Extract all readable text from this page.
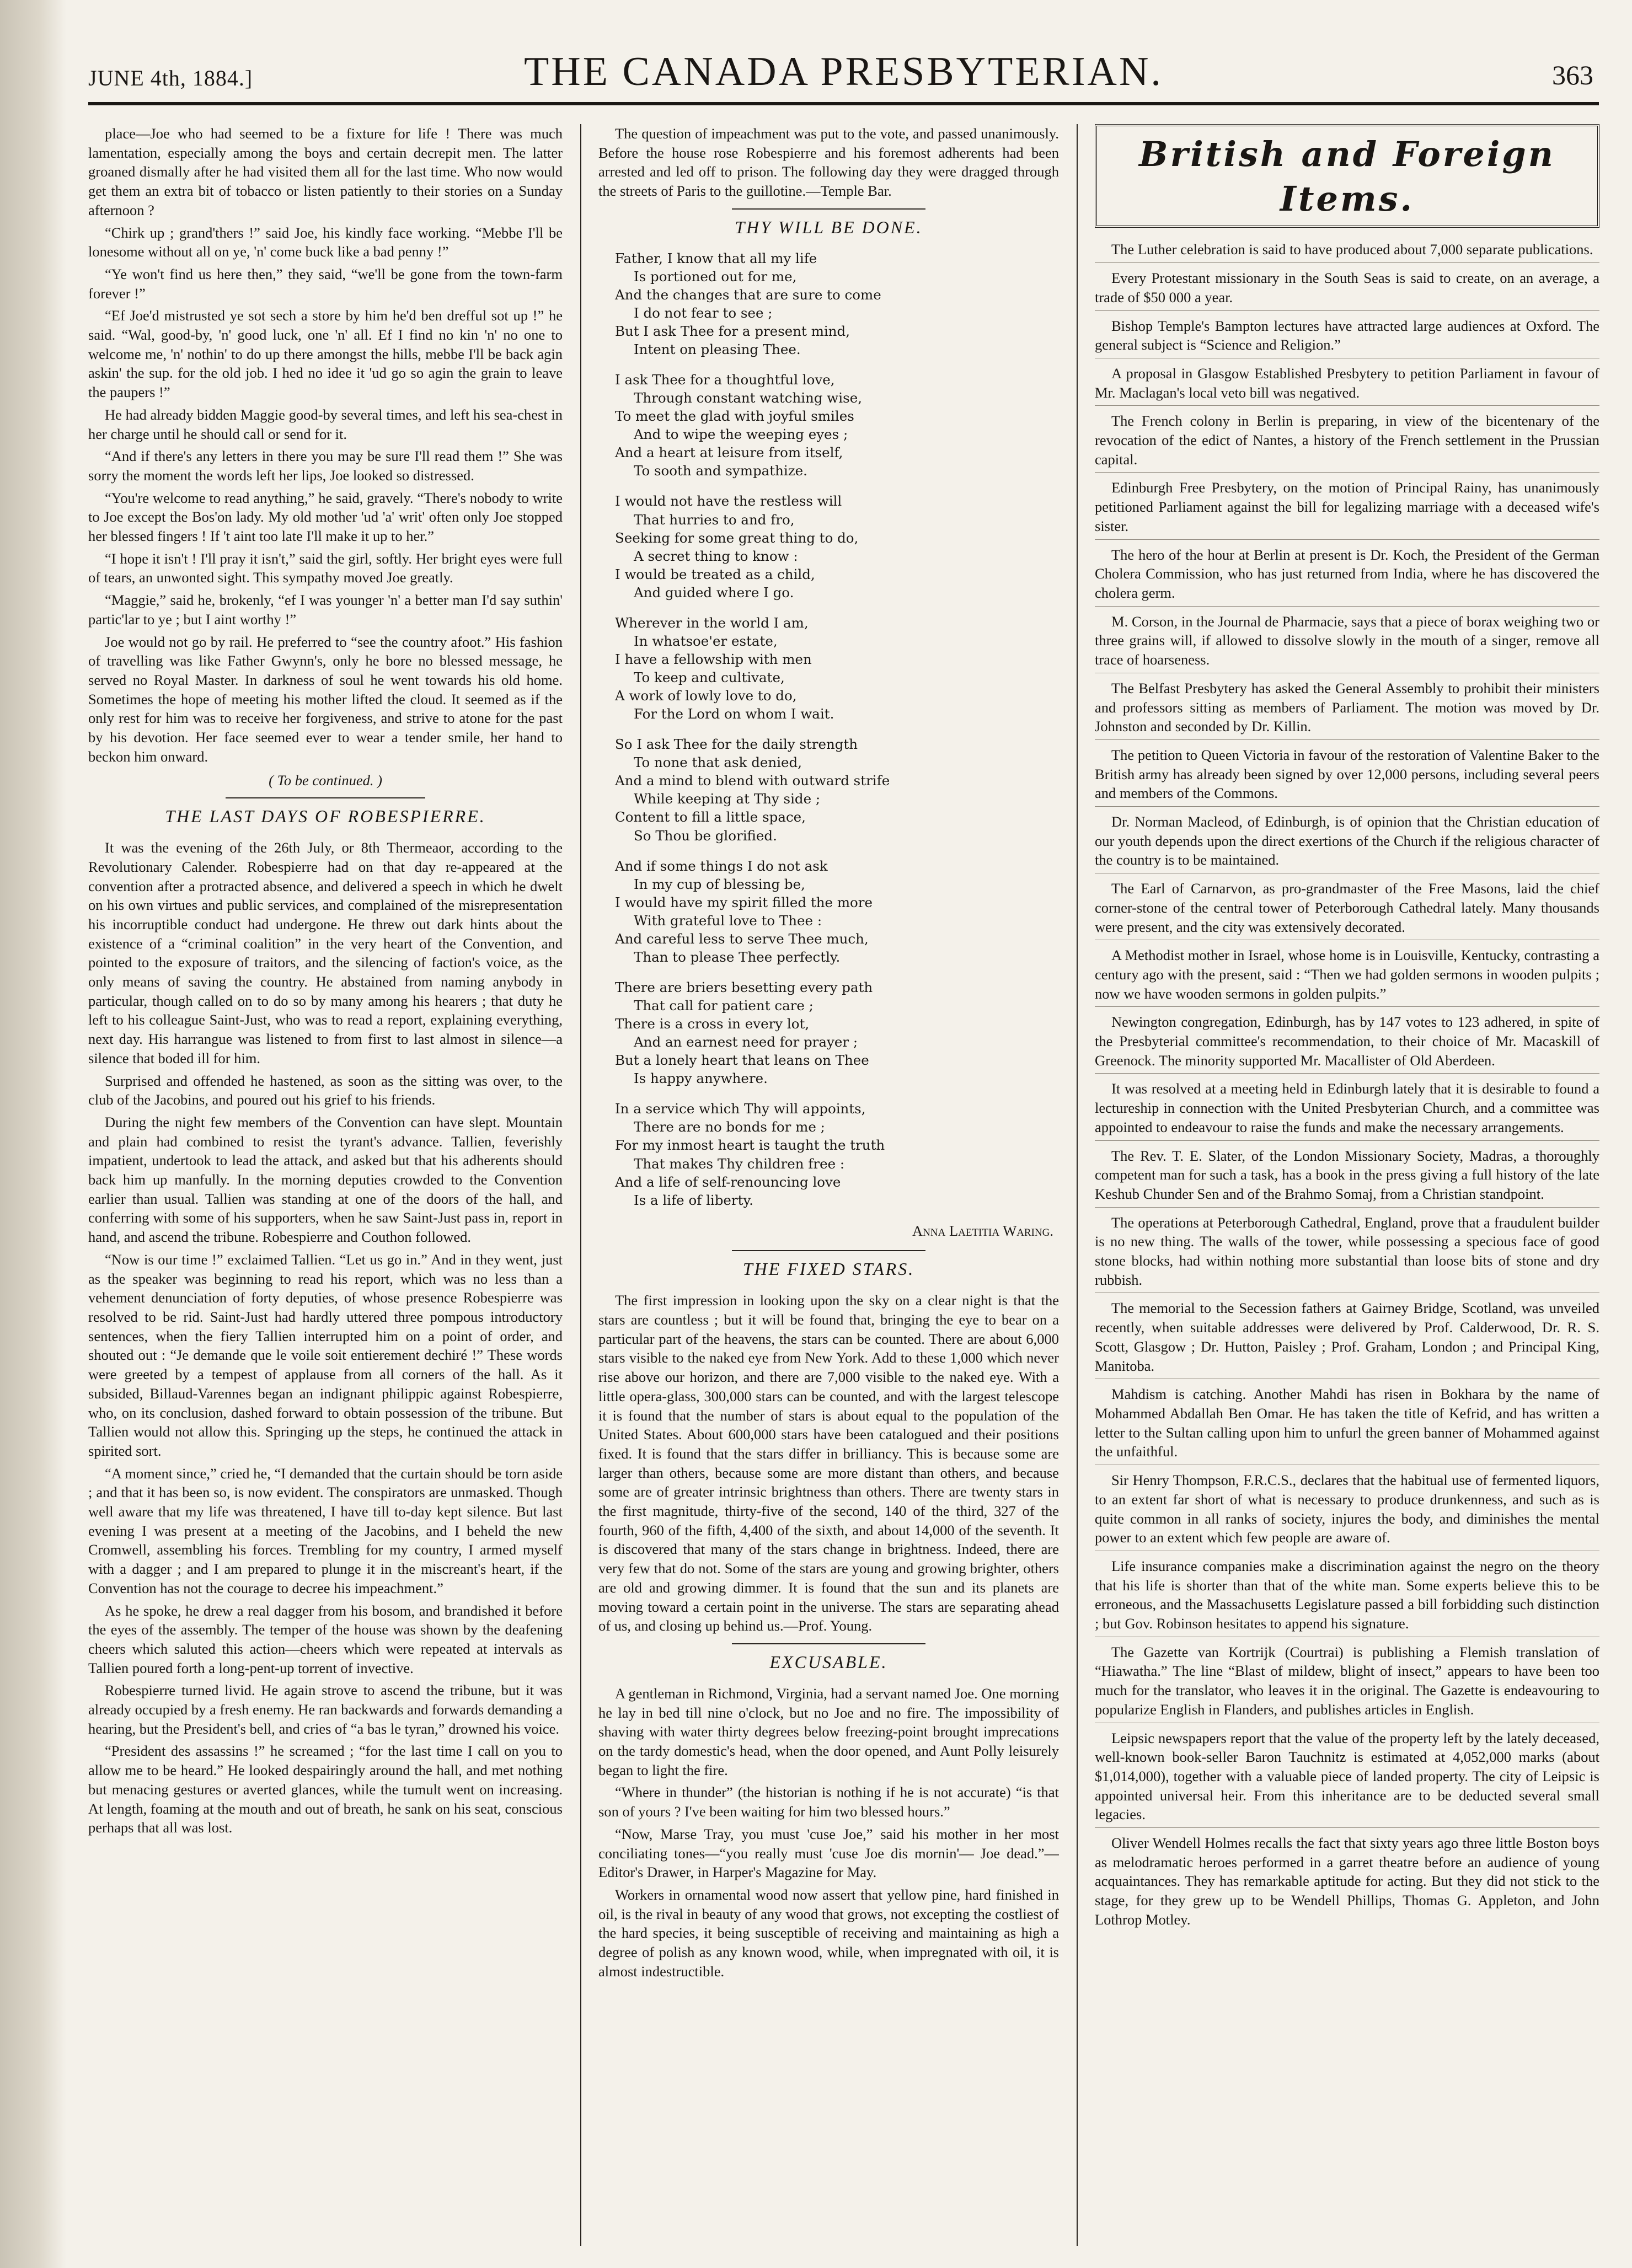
JUNE 4th, 1884.]	THE CANADA PRESBYTERIAN.	363

place—Joe who had seemed to be a fixture for life ! There was much lamentation, especially among the boys and certain decrepit men. The latter groaned dismally after he had visited them all for the last time. Who now would get them an extra bit of tobacco or listen patiently to their stories on a Sunday afternoon ?

“Chirk up ; grand'thers !” said Joe, his kindly face working. “Mebbe I'll be lonesome without all on ye, 'n' come buck like a bad penny !”

“Ye won't find us here then,” they said, “we'll be gone from the town-farm forever !”

“Ef Joe'd mistrusted ye sot sech a store by him he'd ben drefful sot up !” he said. “Wal, good-by, 'n' good luck, one 'n' all. Ef I find no kin 'n' no one to welcome me, 'n' nothin' to do up there amongst the hills, mebbe I'll be back agin askin' the sup. for the old job. I hed no idee it 'ud go so agin the grain to leave the paupers !”

He had already bidden Maggie good-by several times, and left his sea-chest in her charge until he should call or send for it.

“And if there's any letters in there you may be sure I'll read them !” She was sorry the moment the words left her lips, Joe looked so distressed.

“You're welcome to read anything,” he said, gravely. “There's nobody to write to Joe except the Bos'on lady. My old mother 'ud 'a' writ' often only Joe stopped her blessed fingers ! If 't aint too late I'll make it up to her.”

“I hope it isn't ! I'll pray it isn't,” said the girl, softly. Her bright eyes were full of tears, an unwonted sight. This sympathy moved Joe greatly.

“Maggie,” said he, brokenly, “ef I was younger 'n' a better man I'd say suthin' partic'lar to ye ; but I aint worthy !”

Joe would not go by rail. He preferred to “see the country afoot.” His fashion of travelling was like Father Gwynn's, only he bore no blessed message, he served no Royal Master. In darkness of soul he went towards his old home. Sometimes the hope of meeting his mother lifted the cloud. It seemed as if the only rest for him was to receive her forgiveness, and strive to atone for the past by his devotion. Her face seemed ever to wear a tender smile, her hand to beckon him onward.

( To be continued. )

THE LAST DAYS OF ROBESPIERRE.

It was the evening of the 26th July, or 8th Thermeaor, according to the Revolutionary Calender. Robespierre had on that day re-appeared at the convention after a protracted absence, and delivered a speech in which he dwelt on his own virtues and public services, and complained of the misrepresentation his incorruptible conduct had undergone. He threw out dark hints about the existence of a “criminal coalition” in the very heart of the Convention, and pointed to the exposure of traitors, and the silencing of faction's voice, as the only means of saving the country. He abstained from naming anybody in particular, though called on to do so by many among his hearers ; that duty he left to his colleague Saint-Just, who was to read a report, explaining everything, next day. His harrangue was listened to from first to last almost in silence—a silence that boded ill for him.

Surprised and offended he hastened, as soon as the sitting was over, to the club of the Jacobins, and poured out his grief to his friends.

During the night few members of the Convention can have slept. Mountain and plain had combined to resist the tyrant's advance. Tallien, feverishly impatient, undertook to lead the attack, and asked but that his adherents should back him up manfully. In the morning deputies crowded to the Convention earlier than usual. Tallien was standing at one of the doors of the hall, and conferring with some of his supporters, when he saw Saint-Just pass in, report in hand, and ascend the tribune. Robespierre and Couthon followed.

“Now is our time !” exclaimed Tallien. “Let us go in.” And in they went, just as the speaker was beginning to read his report, which was no less than a vehement denunciation of forty deputies, of whose presence Robespierre was resolved to be rid. Saint-Just had hardly uttered three pompous introductory sentences, when the fiery Tallien interrupted him on a point of order, and shouted out : “Je demande que le voile soit entierement dechiré !” These words were greeted by a tempest of applause from all corners of the hall. As it subsided, Billaud-Varennes began an indignant philippic against Robespierre, who, on its conclusion, dashed forward to obtain possession of the tribune. But Tallien would not allow this. Springing up the steps, he continued the attack in spirited sort.

“A moment since,” cried he, “I demanded that the curtain should be torn aside ; and that it has been so, is now evident. The conspirators are unmasked. Though well aware that my life was threatened, I have till to-day kept silence. But last evening I was present at a meeting of the Jacobins, and I beheld the new Cromwell, assembling his forces. Trembling for my country, I armed myself with a dagger ; and I am prepared to plunge it in the miscreant's heart, if the Convention has not the courage to decree his impeachment.”

As he spoke, he drew a real dagger from his bosom, and brandished it before the eyes of the assembly. The temper of the house was shown by the deafening cheers which saluted this action—cheers which were repeated at intervals as Tallien poured forth a long-pent-up torrent of invective.

Robespierre turned livid. He again strove to ascend the tribune, but it was already occupied by a fresh enemy. He ran backwards and forwards demanding a hearing, but the President's bell, and cries of “a bas le tyran,” drowned his voice.

“President des assassins !” he screamed ; “for the last time I call on you to allow me to be heard.” He looked despairingly around the hall, and met nothing but menacing gestures or averted glances, while the tumult went on increasing. At length, foaming at the mouth and out of breath, he sank on his seat, conscious perhaps that all was lost.

The question of impeachment was put to the vote, and passed unanimously. Before the house rose Robespierre and his foremost adherents had been arrested and led off to prison. The following day they were dragged through the streets of Paris to the guillotine.—Temple Bar.

THY WILL BE DONE.
Father, I know that all my life
Is portioned out for me,
And the changes that are sure to come
I do not fear to see ;
But I ask Thee for a present mind,
Intent on pleasing Thee.
I ask Thee for a thoughtful love,
Through constant watching wise,
To meet the glad with joyful smiles
And to wipe the weeping eyes ;
And a heart at leisure from itself,
To sooth and sympathize.
I would not have the restless will
That hurries to and fro,
Seeking for some great thing to do,
A secret thing to know :
I would be treated as a child,
And guided where I go.
Wherever in the world I am,
In whatsoe'er estate,
I have a fellowship with men
To keep and cultivate,
A work of lowly love to do,
For the Lord on whom I wait.
So I ask Thee for the daily strength
To none that ask denied,
And a mind to blend with outward strife
While keeping at Thy side ;
Content to fill a little space,
So Thou be glorified.
And if some things I do not ask
In my cup of blessing be,
I would have my spirit filled the more
With grateful love to Thee :
And careful less to serve Thee much,
Than to please Thee perfectly.
There are briers besetting every path
That call for patient care ;
There is a cross in every lot,
And an earnest need for prayer ;
But a lonely heart that leans on Thee
Is happy anywhere.
In a service which Thy will appoints,
There are no bonds for me ;
For my inmost heart is taught the truth
That makes Thy children free :
And a life of self-renouncing love
Is a life of liberty.
Anna Laetitia Waring.
THE FIXED STARS.

The first impression in looking upon the sky on a clear night is that the stars are countless ; but it will be found that, bringing the eye to bear on a particular part of the heavens, the stars can be counted. There are about 6,000 stars visible to the naked eye from New York. Add to these 1,000 which never rise above our horizon, and there are 7,000 visible to the naked eye. With a little opera-glass, 300,000 stars can be counted, and with the largest telescope it is found that the number of stars is about equal to the population of the United States. About 600,000 stars have been catalogued and their positions fixed. It is found that the stars differ in brilliancy. This is because some are larger than others, because some are more distant than others, and because some are of greater intrinsic brightness than others. There are twenty stars in the first magnitude, thirty-five of the second, 140 of the third, 327 of the fourth, 960 of the fifth, 4,400 of the sixth, and about 14,000 of the seventh. It is discovered that many of the stars change in brightness. Indeed, there are very few that do not. Some of the stars are young and growing brighter, others are old and growing dimmer. It is found that the sun and its planets are moving toward a certain point in the universe. The stars are separating ahead of us, and closing up behind us.—Prof. Young.

EXCUSABLE.

A gentleman in Richmond, Virginia, had a servant named Joe. One morning he lay in bed till nine o'clock, but no Joe and no fire. The impossibility of shaving with water thirty degrees below freezing-point brought imprecations on the tardy domestic's head, when the door opened, and Aunt Polly leisurely began to light the fire.

“Where in thunder” (the historian is nothing if he is not accurate) “is that son of yours ? I've been waiting for him two blessed hours.”

“Now, Marse Tray, you must 'cuse Joe,” said his mother in her most conciliating tones—“you really must 'cuse Joe dis mornin'— Joe dead.”—Editor's Drawer, in Harper's Magazine for May.

Workers in ornamental wood now assert that yellow pine, hard finished in oil, is the rival in beauty of any wood that grows, not excepting the costliest of the hard species, it being susceptible of receiving and maintaining as high a degree of polish as any known wood, while, when impregnated with oil, it is almost indestructible.

British and Foreign Items.

The Luther celebration is said to have produced about 7,000 separate publications.

Every Protestant missionary in the South Seas is said to create, on an average, a trade of $50 000 a year.

Bishop Temple's Bampton lectures have attracted large audiences at Oxford. The general subject is “Science and Religion.”

A proposal in Glasgow Established Presbytery to petition Parliament in favour of Mr. Maclagan's local veto bill was negatived.

The French colony in Berlin is preparing, in view of the bicentenary of the revocation of the edict of Nantes, a history of the French settlement in the Prussian capital.

Edinburgh Free Presbytery, on the motion of Principal Rainy, has unanimously petitioned Parliament against the bill for legalizing marriage with a deceased wife's sister.

The hero of the hour at Berlin at present is Dr. Koch, the President of the German Cholera Commission, who has just returned from India, where he has discovered the cholera germ.

M. Corson, in the Journal de Pharmacie, says that a piece of borax weighing two or three grains will, if allowed to dissolve slowly in the mouth of a singer, remove all trace of hoarseness.

The Belfast Presbytery has asked the General Assembly to prohibit their ministers and professors sitting as members of Parliament. The motion was moved by Dr. Johnston and seconded by Dr. Killin.

The petition to Queen Victoria in favour of the restoration of Valentine Baker to the British army has already been signed by over 12,000 persons, including several peers and members of the Commons.

Dr. Norman Macleod, of Edinburgh, is of opinion that the Christian education of our youth depends upon the direct exertions of the Church if the religious character of the country is to be maintained.

The Earl of Carnarvon, as pro-grandmaster of the Free Masons, laid the chief corner-stone of the central tower of Peterborough Cathedral lately. Many thousands were present, and the city was extensively decorated.

A Methodist mother in Israel, whose home is in Louisville, Kentucky, contrasting a century ago with the present, said : “Then we had golden sermons in wooden pulpits ; now we have wooden sermons in golden pulpits.”

Newington congregation, Edinburgh, has by 147 votes to 123 adhered, in spite of the Presbyterial committee's recommendation, to their choice of Mr. Macaskill of Greenock. The minority supported Mr. Macallister of Old Aberdeen.

It was resolved at a meeting held in Edinburgh lately that it is desirable to found a lectureship in connection with the United Presbyterian Church, and a committee was appointed to endeavour to raise the funds and make the necessary arrangements.

The Rev. T. E. Slater, of the London Missionary Society, Madras, a thoroughly competent man for such a task, has a book in the press giving a full history of the late Keshub Chunder Sen and of the Brahmo Somaj, from a Christian standpoint.

The operations at Peterborough Cathedral, England, prove that a fraudulent builder is no new thing. The walls of the tower, while possessing a specious face of good stone blocks, had within nothing more substantial than loose bits of stone and dry rubbish.

The memorial to the Secession fathers at Gairney Bridge, Scotland, was unveiled recently, when suitable addresses were delivered by Prof. Calderwood, Dr. R. S. Scott, Glasgow ; Dr. Hutton, Paisley ; Prof. Graham, London ; and Principal King, Manitoba.

Mahdism is catching. Another Mahdi has risen in Bokhara by the name of Mohammed Abdallah Ben Omar. He has taken the title of Kefrid, and has written a letter to the Sultan calling upon him to unfurl the green banner of Mohammed against the unfaithful.

Sir Henry Thompson, F.R.C.S., declares that the habitual use of fermented liquors, to an extent far short of what is necessary to produce drunkenness, and such as is quite common in all ranks of society, injures the body, and diminishes the mental power to an extent which few people are aware of.

Life insurance companies make a discrimination against the negro on the theory that his life is shorter than that of the white man. Some experts believe this to be erroneous, and the Massachusetts Legislature passed a bill forbidding such distinction ; but Gov. Robinson hesitates to append his signature.

The Gazette van Kortrijk (Courtrai) is publishing a Flemish translation of “Hiawatha.” The line “Blast of mildew, blight of insect,” appears to have been too much for the translator, who leaves it in the original. The Gazette is endeavouring to popularize English in Flanders, and publishes articles in English.

Leipsic newspapers report that the value of the property left by the lately deceased, well-known book-seller Baron Tauchnitz is estimated at 4,052,000 marks (about $1,014,000), together with a valuable piece of landed property. The city of Leipsic is appointed universal heir. From this inheritance are to be deducted several small legacies.

Oliver Wendell Holmes recalls the fact that sixty years ago three little Boston boys as melodramatic heroes performed in a garret theatre before an audience of young acquaintances. They has remarkable aptitude for acting. But they did not stick to the stage, for they grew up to be Wendell Phillips, Thomas G. Appleton, and John Lothrop Motley.
